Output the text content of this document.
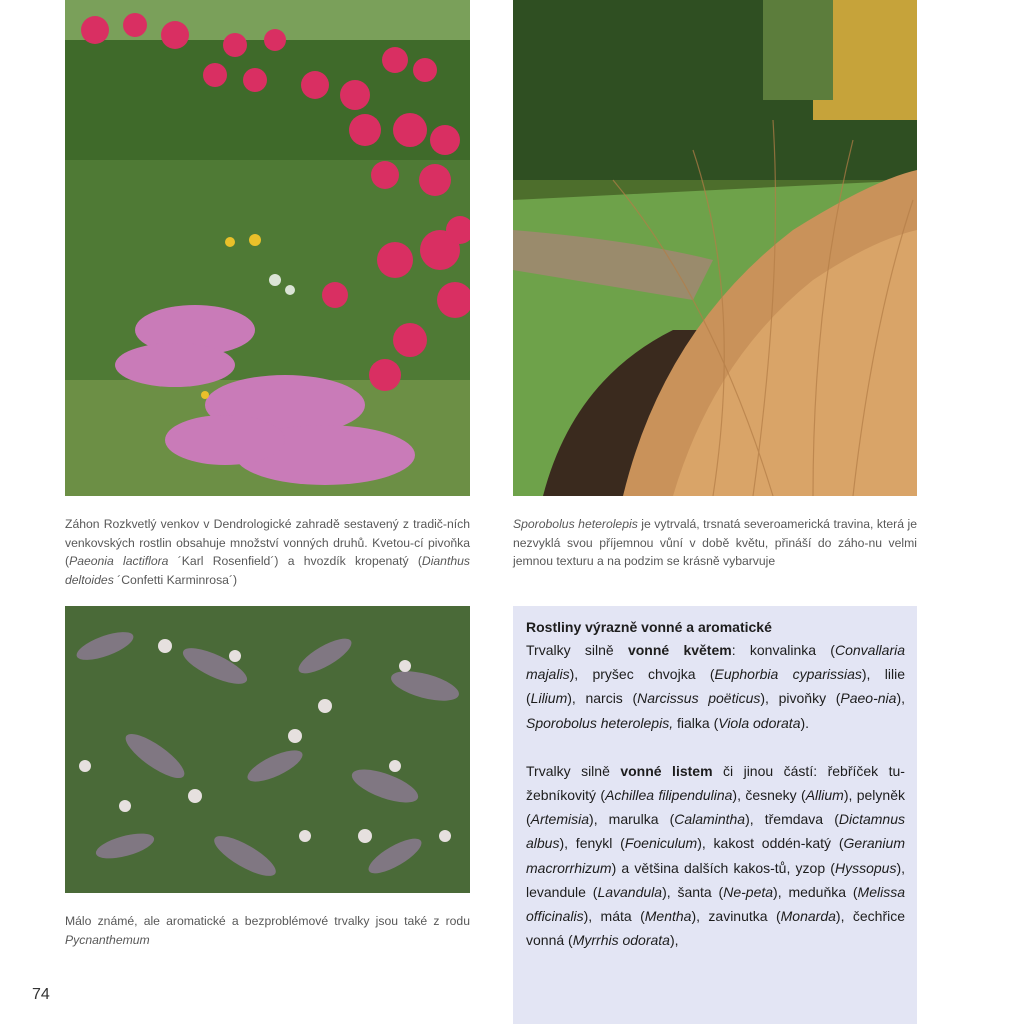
Záhon Rozkvetlý venkov v Dendrologické zahradě sestavený z tradič-ních venkovských rostlin obsahuje množství vonných druhů. Kvetou-cí pivoňka (Paeonia lactiflora ´Karl Rosenfield´) a hvozdík kropenatý (Dianthus deltoides ´Confetti Karminrosa´)
Sporobolus heterolepis je vytrvalá, trsnatá severoamerická travina, která je nezvyklá svou příjemnou vůní v době květu, přináší do záho-nu velmi jemnou texturu a na podzim se krásně vybarvuje
Málo známé, ale aromatické a bezproblémové trvalky jsou také z rodu Pycnanthemum
Rostliny výrazně vonné a aromatické

Trvalky silně vonné květem: konvalinka (Convallaria majalis), pryšec chvojka (Euphorbia cyparissias), lilie (Lilium), narcis (Narcissus poëticus), pivoňky (Paeo-nia), Sporobolus heterolepis, fialka (Viola odorata).

Trvalky silně vonné listem či jinou částí: řebříček tu-žebníkovitý (Achillea filipendulina), česneky (Allium), pelyněk (Artemisia), marulka (Calamintha), třemdava (Dictamnus albus), fenykl (Foeniculum), kakost oddén-katý (Geranium macrorrhizum) a většina dalších kakos-tů, yzop (Hyssopus), levandule (Lavandula), šanta (Ne-peta), meduňka (Melissa officinalis), máta (Mentha), zavinutka (Monarda), čechřice vonná (Myrrhis odorata),

74
